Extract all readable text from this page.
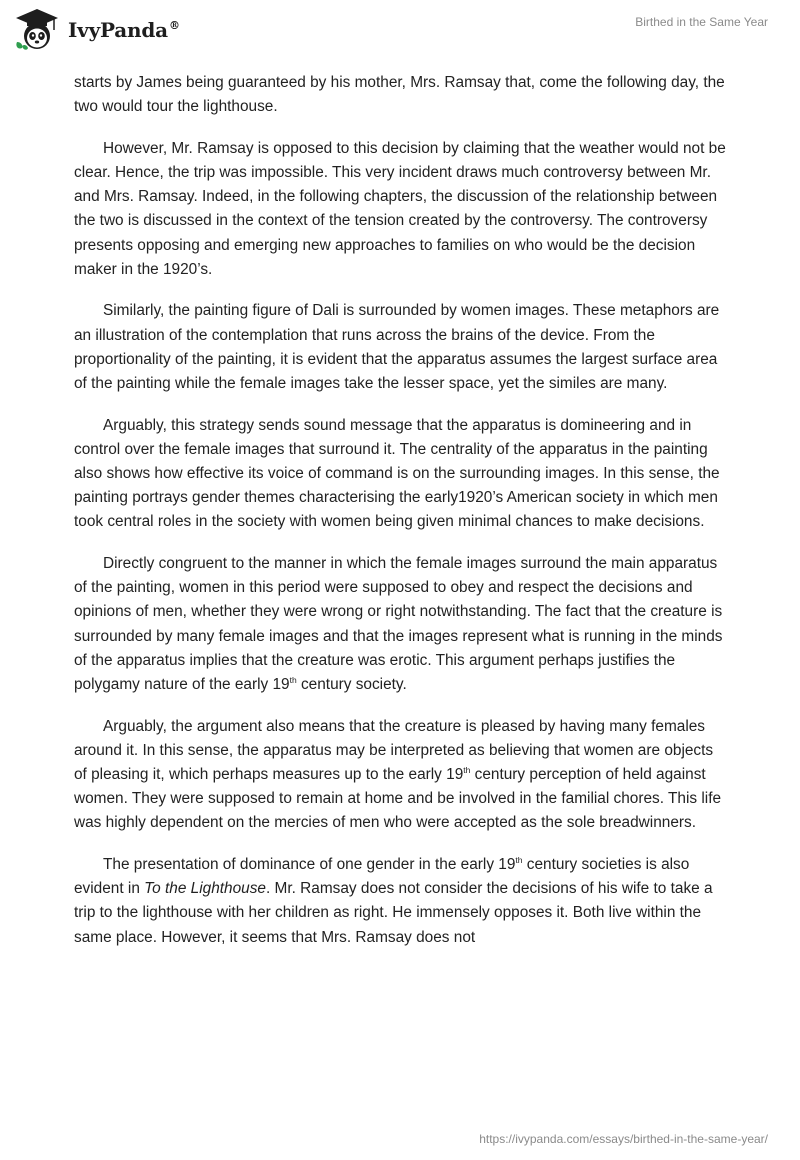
IvyPanda®	Birthed in the Same Year

starts by James being guaranteed by his mother, Mrs. Ramsay that, come the following day, the two would tour the lighthouse.

However, Mr. Ramsay is opposed to this decision by claiming that the weather would not be clear. Hence, the trip was impossible. This very incident draws much controversy between Mr. and Mrs. Ramsay. Indeed, in the following chapters, the discussion of the relationship between the two is discussed in the context of the tension created by the controversy. The controversy presents opposing and emerging new approaches to families on who would be the decision maker in the 1920’s.

Similarly, the painting figure of Dali is surrounded by women images. These metaphors are an illustration of the contemplation that runs across the brains of the device. From the proportionality of the painting, it is evident that the apparatus assumes the largest surface area of the painting while the female images take the lesser space, yet the similes are many.

Arguably, this strategy sends sound message that the apparatus is domineering and in control over the female images that surround it. The centrality of the apparatus in the painting also shows how effective its voice of command is on the surrounding images. In this sense, the painting portrays gender themes characterising the early1920’s American society in which men took central roles in the society with women being given minimal chances to make decisions.

Directly congruent to the manner in which the female images surround the main apparatus of the painting, women in this period were supposed to obey and respect the decisions and opinions of men, whether they were wrong or right notwithstanding. The fact that the creature is surrounded by many female images and that the images represent what is running in the minds of the apparatus implies that the creature was erotic. This argument perhaps justifies the polygamy nature of the early 19th century society.

Arguably, the argument also means that the creature is pleased by having many females around it. In this sense, the apparatus may be interpreted as believing that women are objects of pleasing it, which perhaps measures up to the early 19th century perception of held against women. They were supposed to remain at home and be involved in the familial chores. This life was highly dependent on the mercies of men who were accepted as the sole breadwinners.

The presentation of dominance of one gender in the early 19th century societies is also evident in To the Lighthouse. Mr. Ramsay does not consider the decisions of his wife to take a trip to the lighthouse with her children as right. He immensely opposes it. Both live within the same place. However, it seems that Mrs. Ramsay does not

https://ivypanda.com/essays/birthed-in-the-same-year/
